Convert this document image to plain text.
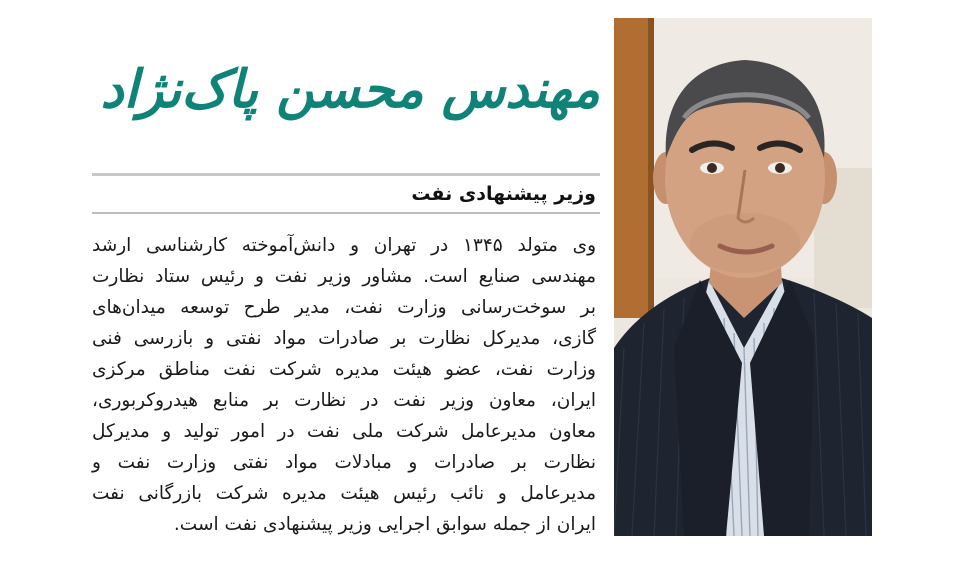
مهندس محسن پاک‌نژاد
وزیر پیشنهادی نفت

وی متولد ۱۳۴۵ در تهران و دانش‌آموخته کارشناسی ارشد
مهندسی صنایع است. مشاور وزیر نفت و رئیس ستاد نظارت
بر سوخت‌رسانی وزارت نفت، مدیر طرح توسعه میدان‌های
گازی، مدیرکل نظارت بر صادرات مواد نفتی و بازرسی فنی
وزارت نفت، عضو هیئت مدیره شرکت نفت مناطق مرکزی
ایران، معاون وزیر نفت در نظارت بر منابع هیدروکربوری،
معاون مدیرعامل شرکت ملی نفت در امور تولید و مدیرکل
نظارت بر صادرات و مبادلات مواد نفتی وزارت نفت و
مدیرعامل و نائب رئیس هیئت مدیره شرکت بازرگانی نفت
ایران از جمله سوابق اجرایی وزیر پیشنهادی نفت است.
